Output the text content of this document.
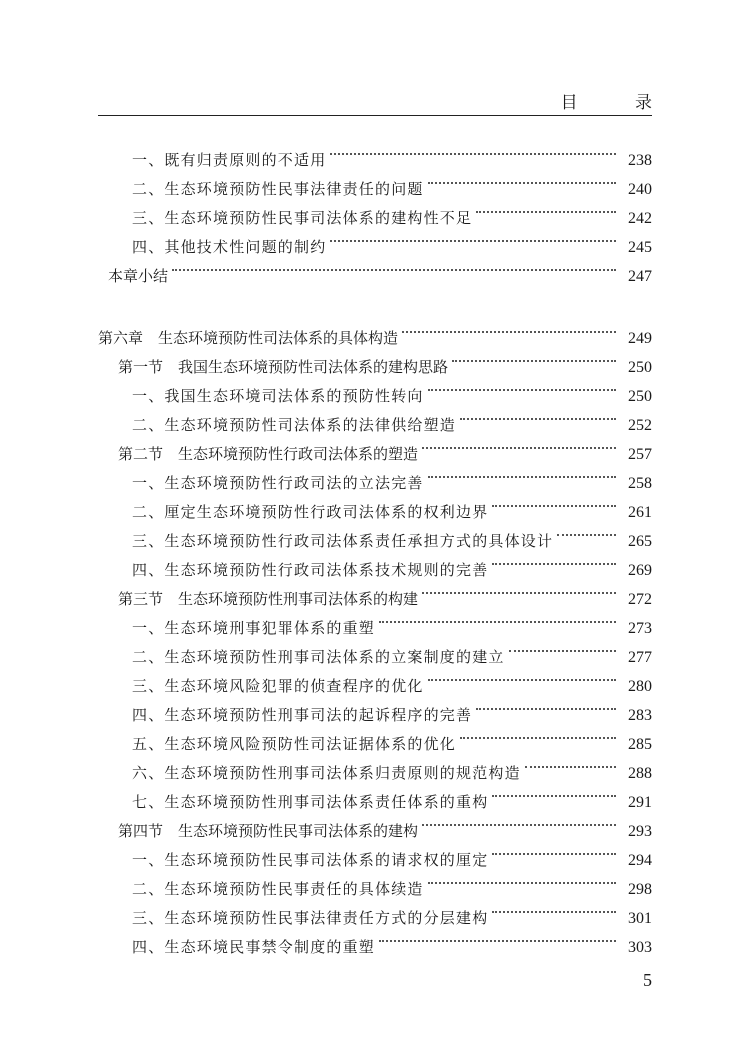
目 录
一、既有归责原则的不适用	238
二、生态环境预防性民事法律责任的问题	240
三、生态环境预防性民事司法体系的建构性不足	242
四、其他技术性问题的制约	245
本章小结	247
第六章　生态环境预防性司法体系的具体构造	249
第一节　我国生态环境预防性司法体系的建构思路	250
一、我国生态环境司法体系的预防性转向	250
二、生态环境预防性司法体系的法律供给塑造	252
第二节　生态环境预防性行政司法体系的塑造	257
一、生态环境预防性行政司法的立法完善	258
二、厘定生态环境预防性行政司法体系的权利边界	261
三、生态环境预防性行政司法体系责任承担方式的具体设计	265
四、生态环境预防性行政司法体系技术规则的完善	269
第三节　生态环境预防性刑事司法体系的构建	272
一、生态环境刑事犯罪体系的重塑	273
二、生态环境预防性刑事司法体系的立案制度的建立	277
三、生态环境风险犯罪的侦查程序的优化	280
四、生态环境预防性刑事司法的起诉程序的完善	283
五、生态环境风险预防性司法证据体系的优化	285
六、生态环境预防性刑事司法体系归责原则的规范构造	288
七、生态环境预防性刑事司法体系责任体系的重构	291
第四节　生态环境预防性民事司法体系的建构	293
一、生态环境预防性民事司法体系的请求权的厘定	294
二、生态环境预防性民事责任的具体续造	298
三、生态环境预防性民事法律责任方式的分层建构	301
四、生态环境民事禁令制度的重塑	303
5
